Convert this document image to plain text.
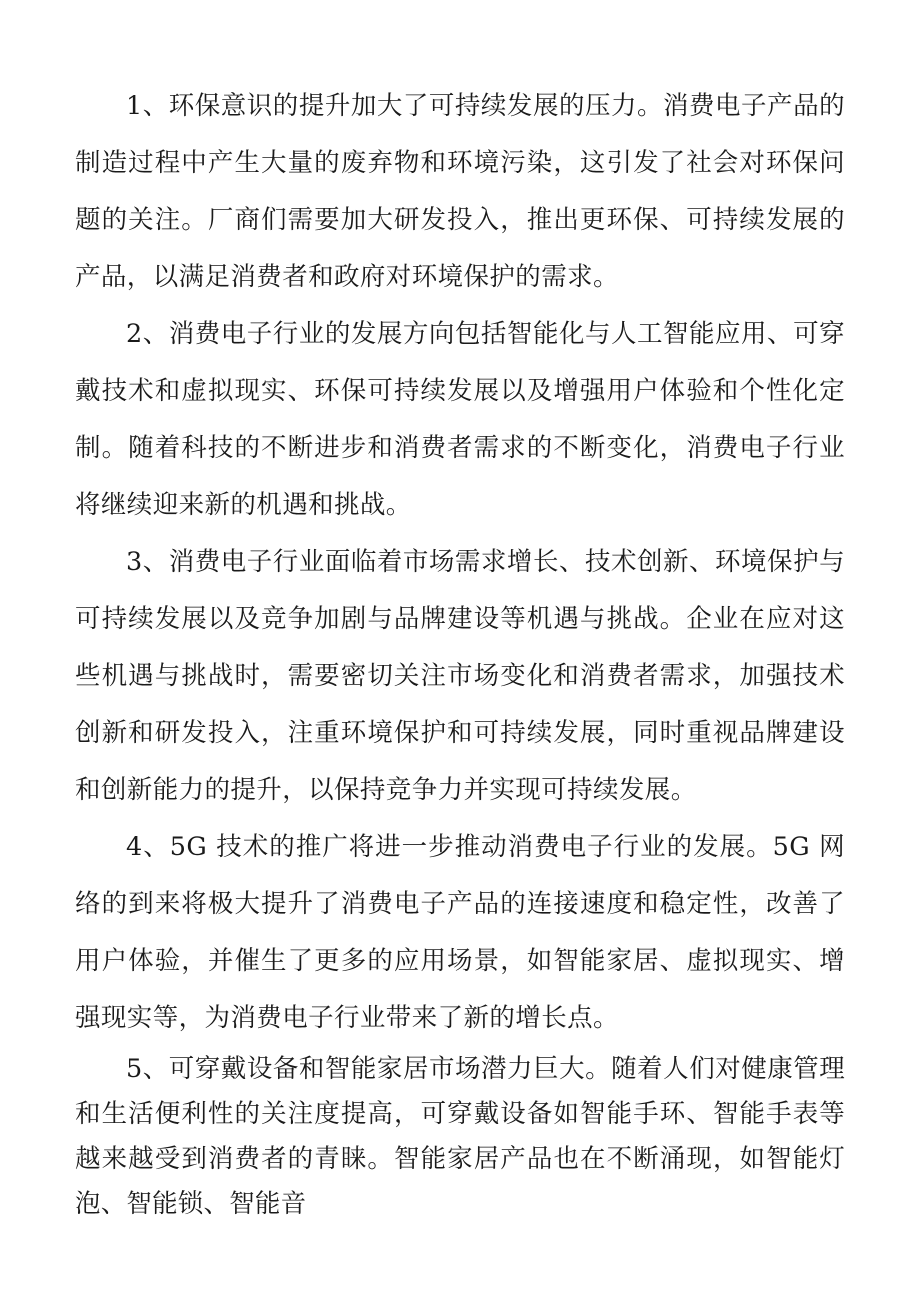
1、环保意识的提升加大了可持续发展的压力。消费电子产品的制造过程中产生大量的废弃物和环境污染，这引发了社会对环保问题的关注。厂商们需要加大研发投入，推出更环保、可持续发展的产品，以满足消费者和政府对环境保护的需求。

2、消费电子行业的发展方向包括智能化与人工智能应用、可穿戴技术和虚拟现实、环保可持续发展以及增强用户体验和个性化定制。随着科技的不断进步和消费者需求的不断变化，消费电子行业将继续迎来新的机遇和挑战。

3、消费电子行业面临着市场需求增长、技术创新、环境保护与可持续发展以及竞争加剧与品牌建设等机遇与挑战。企业在应对这些机遇与挑战时，需要密切关注市场变化和消费者需求，加强技术创新和研发投入，注重环境保护和可持续发展，同时重视品牌建设和创新能力的提升，以保持竞争力并实现可持续发展。

4、5G 技术的推广将进一步推动消费电子行业的发展。5G 网络的到来将极大提升了消费电子产品的连接速度和稳定性，改善了用户体验，并催生了更多的应用场景，如智能家居、虚拟现实、增强现实等，为消费电子行业带来了新的增长点。

5、可穿戴设备和智能家居市场潜力巨大。随着人们对健康管理和生活便利性的关注度提高，可穿戴设备如智能手环、智能手表等越来越受到消费者的青睐。智能家居产品也在不断涌现，如智能灯泡、智能锁、智能音
